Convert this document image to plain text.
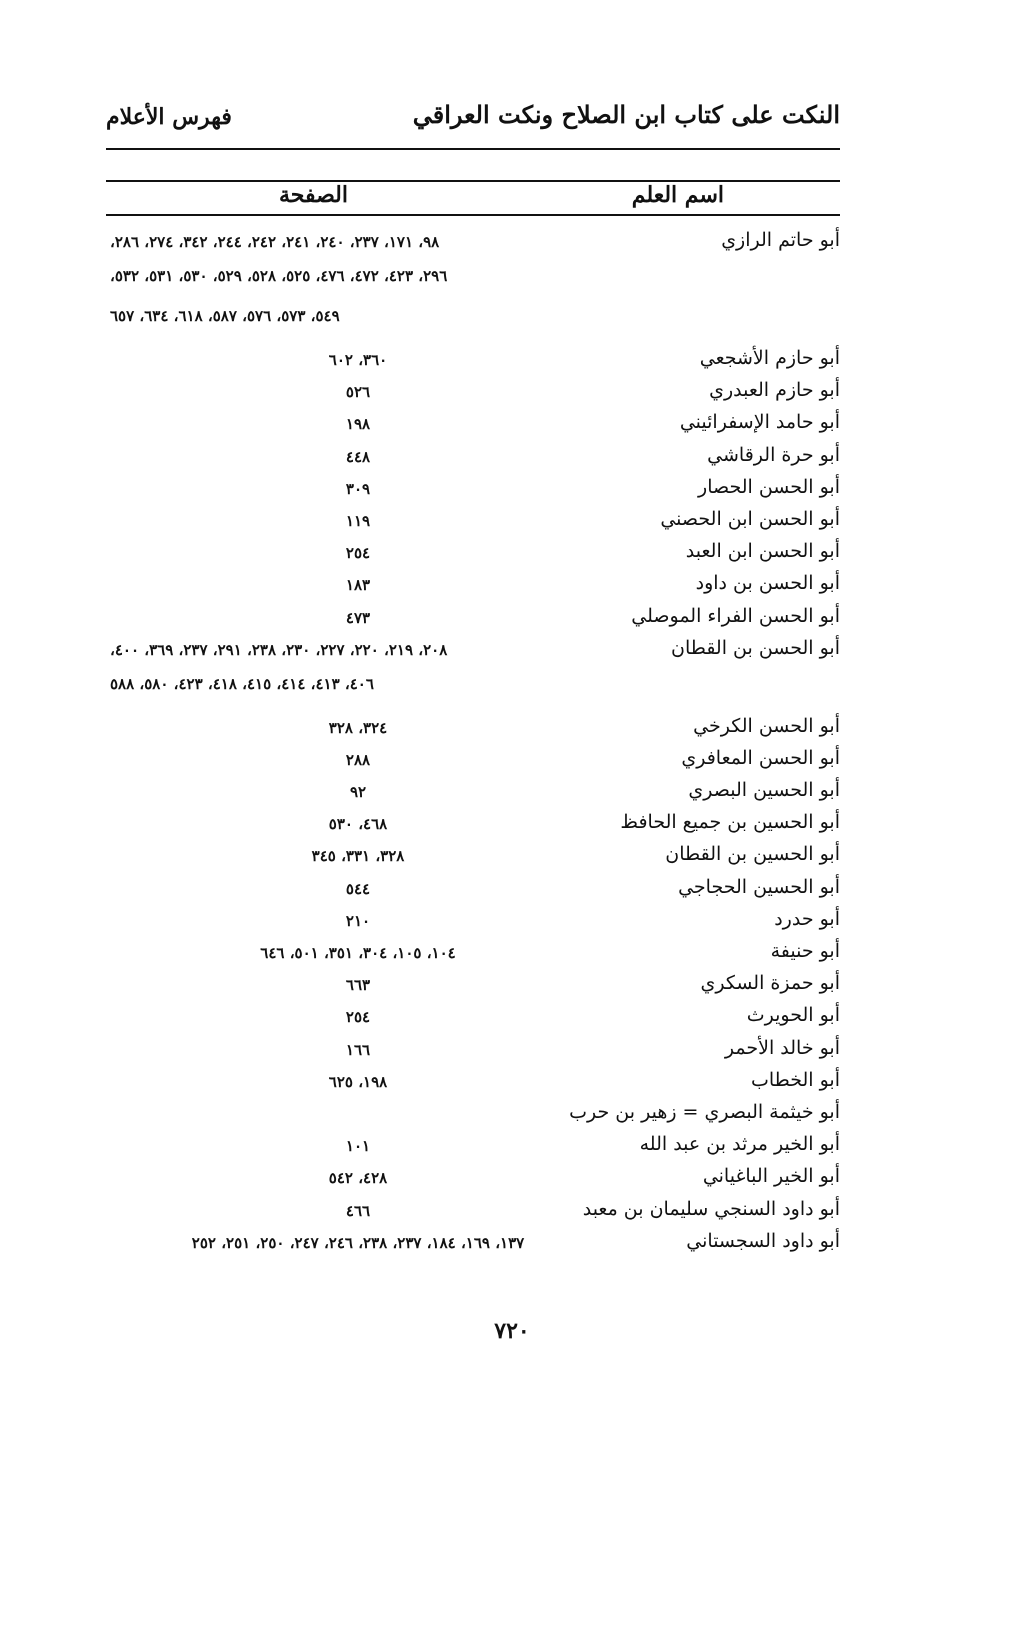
النكت على كتاب ابن الصلاح ونكت العراقي
فهرس الأعلام
اسم العلم
الصفحة
أبو حاتم الرازي
٩٨، ١٧١، ٢٣٧، ٢٤٠، ٢٤١، ٢٤٢، ٢٤٤، ٣٤٢، ٢٧٤، ٢٨٦،
٢٩٦، ٤٢٣، ٤٧٢، ٤٧٦، ٥٢٥، ٥٢٨، ٥٢٩، ٥٣٠، ٥٣١، ٥٣٢،
٥٤٩، ٥٧٣، ٥٧٦، ٥٨٧، ٦١٨، ٦٣٤، ٦٥٧
أبو حازم الأشجعي
٣٦٠، ٦٠٢
أبو حازم العبدري
٥٢٦
أبو حامد الإسفرائيني
١٩٨
أبو حرة الرقاشي
٤٤٨
أبو الحسن الحصار
٣٠٩
أبو الحسن ابن الحصني
١١٩
أبو الحسن ابن العبد
٢٥٤
أبو الحسن بن داود
١٨٣
أبو الحسن الفراء الموصلي
٤٧٣
أبو الحسن بن القطان
٢٠٨، ٢١٩، ٢٢٠، ٢٢٧، ٢٣٠، ٢٣٨، ٢٩١، ٢٣٧، ٣٦٩، ٤٠٠،
٤٠٦، ٤١٣، ٤١٤، ٤١٥، ٤١٨، ٤٢٣، ٥٨٠، ٥٨٨
أبو الحسن الكرخي
٣٢٤، ٣٢٨
أبو الحسن المعافري
٢٨٨
أبو الحسين البصري
٩٢
أبو الحسين بن جميع الحافظ
٤٦٨، ٥٣٠
أبو الحسين بن القطان
٣٢٨، ٣٣١، ٣٤٥
أبو الحسين الحجاجي
٥٤٤
أبو حدرد
٢١٠
أبو حنيفة
١٠٤، ١٠٥، ٣٠٤، ٣٥١، ٥٠١، ٦٤٦
أبو حمزة السكري
٦٦٣
أبو الحويرث
٢٥٤
أبو خالد الأحمر
١٦٦
أبو الخطاب
١٩٨، ٦٢٥
أبو خيثمة البصري = زهير بن حرب
أبو الخير مرثد بن عبد الله
١٠١
أبو الخير الباغياني
٤٢٨، ٥٤٢
أبو داود السنجي سليمان بن معبد
٤٦٦
أبو داود السجستاني
١٣٧، ١٦٩، ١٨٤، ٢٣٧، ٢٣٨، ٢٤٦، ٢٤٧، ٢٥٠، ٢٥١، ٢٥٢
٧٢٠
